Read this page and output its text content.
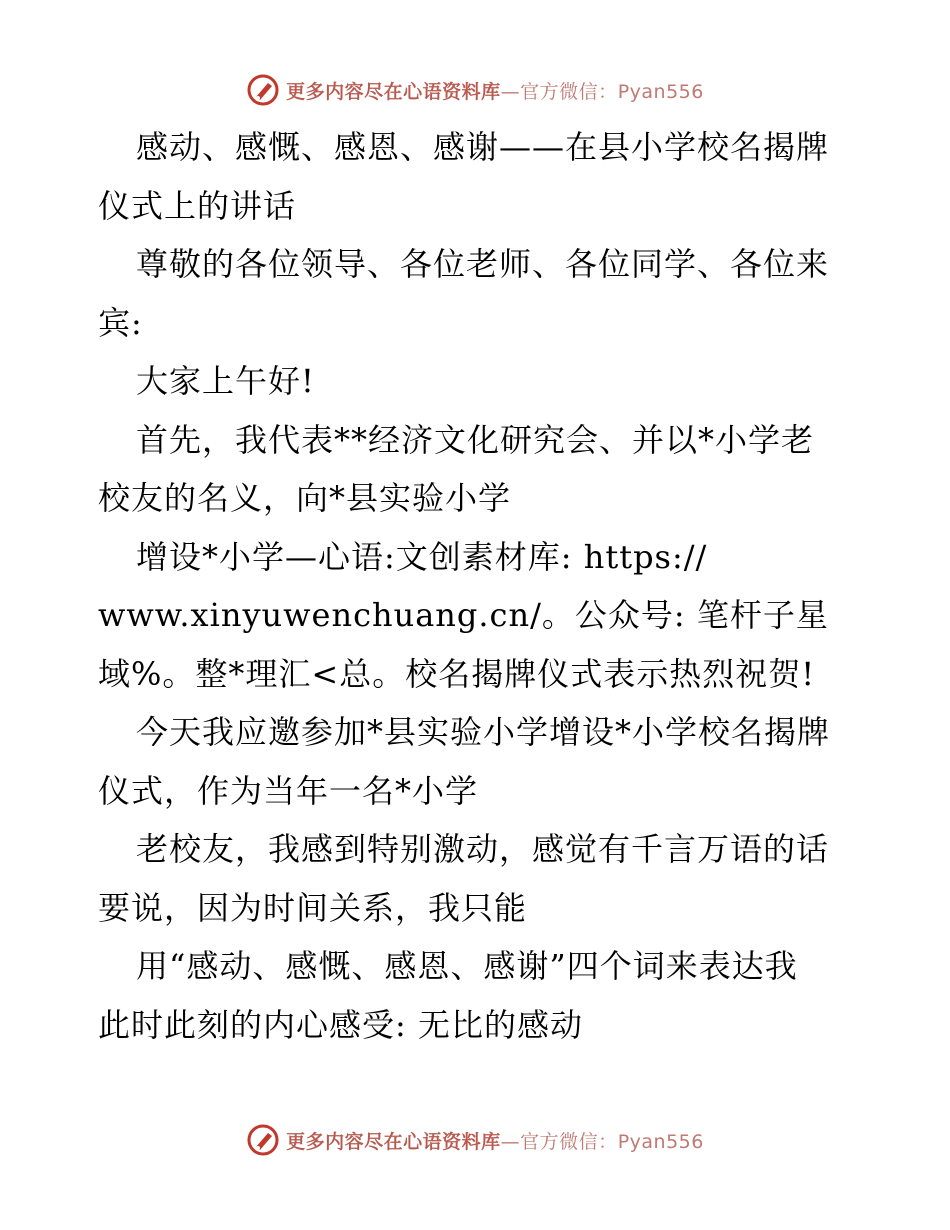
更多内容尽在心语资料库—官方微信：Pyan556
感动、感慨、感恩、感谢——在县小学校名揭牌
仪式上的讲话
尊敬的各位领导、各位老师、各位同学、各位来
宾:
大家上午好!
首先，我代表**经济文化研究会、并以*小学老
校友的名义，向*县实验小学
增设*小学—心语:文创素材库: https://
www.xinyuwenchuang.cn/。公众号: 笔杆子星
域%。整*理汇<总。校名揭牌仪式表示热烈祝贺!
今天我应邀参加*县实验小学增设*小学校名揭牌
仪式，作为当年一名*小学
老校友，我感到特别激动，感觉有千言万语的话
要说，因为时间关系，我只能
用“感动、感慨、感恩、感谢”四个词来表达我
此时此刻的内心感受: 无比的感动
更多内容尽在心语资料库—官方微信：Pyan556
